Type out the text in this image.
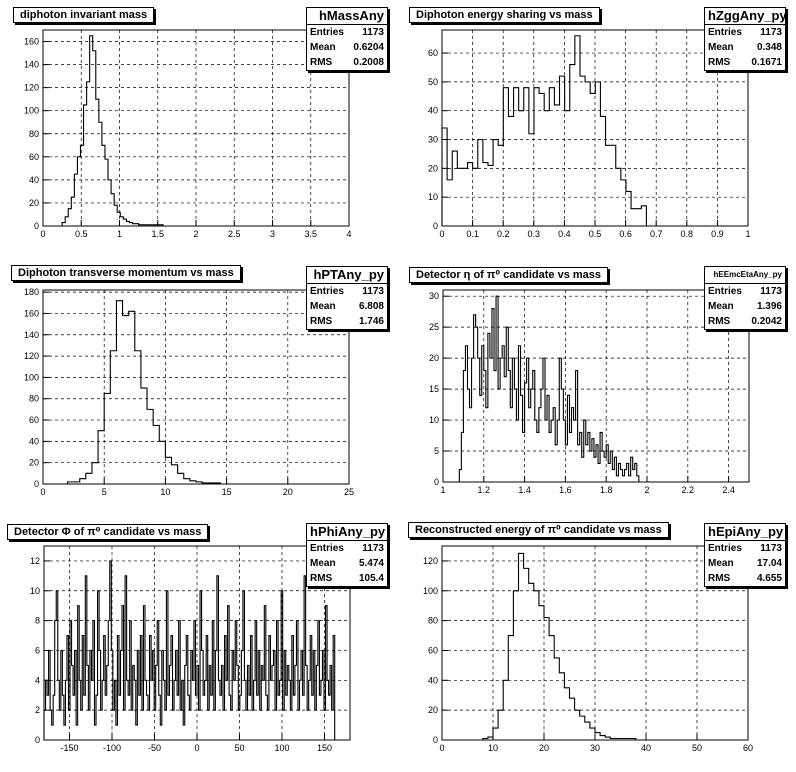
0	0.5	1	1.5	2	2.5	3	3.5	4
0
20
40
60
80
100
120
140
160
diphoton invariant mass	hMassAny
Entries 1173
Mean 0.6204
RMS 0.2008
0 0.1 0.2 0.3 0.4 0.5 0.6 0.7 0.8 0.9 1
0
10
20
30
40
50
60
Diphoton energy sharing vs mass	hZggAny_py
Entries 1173
Mean 0.348
RMS 0.1671
0	5	10	15	20	25
0
20
40
60
80
100
120
140
160
180
Diphoton transverse momentum vs mass	hPTAny_py
Entries 1173
Mean 6.808
RMS	1.746
1	1.2	1.4	1.6	1.8	2	2.2	2.4
0
5
10
15
20
25
30
Detector η of π⁰ candidate vs mass	hEEmcEtaAny_py
Entries 1173
Mean 1.396
RMS 0.2042
-150	-100	-50	0	50	100	150
0
2
4
6
8
10
12
Detector Φ of π⁰ candidate vs mass	hPhiAny_py
Entries 1173
Mean 5.474
RMS	105.4
0	10	20	30	40	50	60
0
20
40
60
80
100
120
Reconstructed energy of π⁰ candidate vs mass	hEpiAny_py
Entries 1173
Mean 17.04
RMS	4.655
